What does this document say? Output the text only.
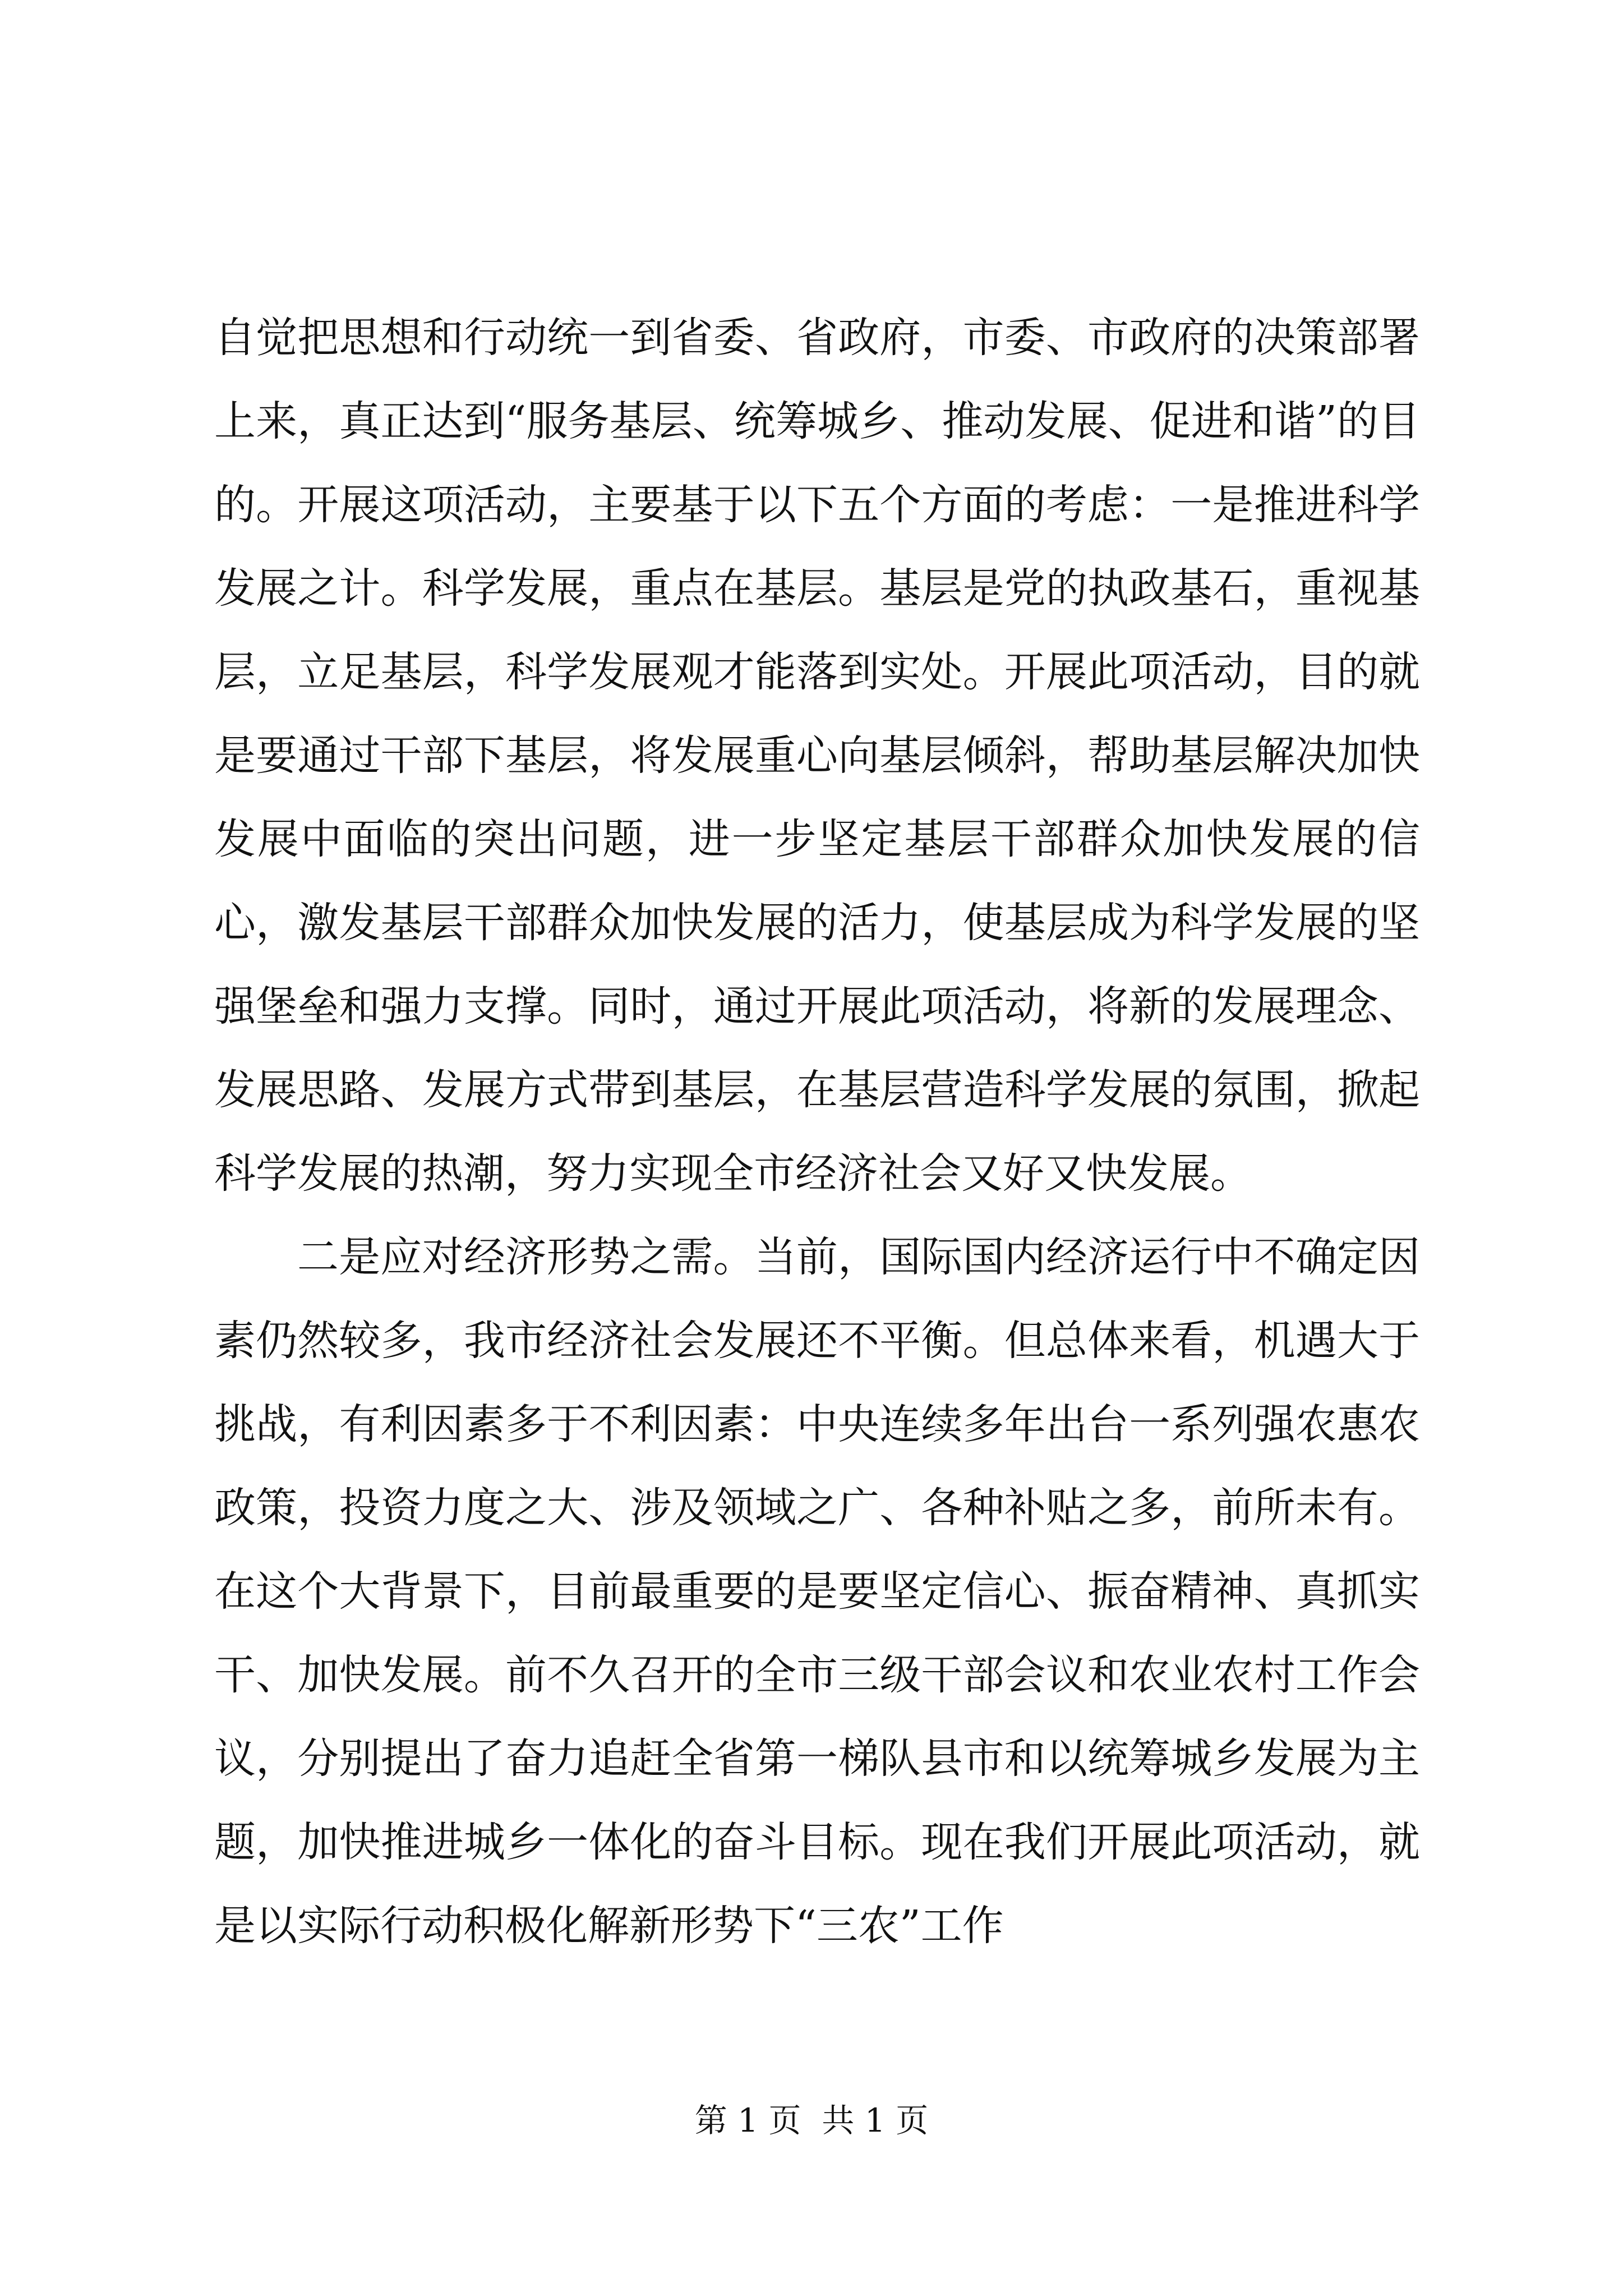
自觉把思想和行动统一到省委、省政府，市委、市政府的决策部署上来，真正达到“服务基层、统筹城乡、推动发展、促进和谐”的目的。开展这项活动，主要基于以下五个方面的考虑：一是推进科学发展之计。科学发展，重点在基层。基层是党的执政基石，重视基层，立足基层，科学发展观才能落到实处。开展此项活动，目的就是要通过干部下基层，将发展重心向基层倾斜，帮助基层解决加快发展中面临的突出问题，进一步坚定基层干部群众加快发展的信心，激发基层干部群众加快发展的活力，使基层成为科学发展的坚强堡垒和强力支撑。同时，通过开展此项活动，将新的发展理念、发展思路、发展方式带到基层，在基层营造科学发展的氛围，掀起科学发展的热潮，努力实现全市经济社会又好又快发展。

二是应对经济形势之需。当前，国际国内经济运行中不确定因素仍然较多，我市经济社会发展还不平衡。但总体来看，机遇大于挑战，有利因素多于不利因素：中央连续多年出台一系列强农惠农政策，投资力度之大、涉及领域之广、各种补贴之多，前所未有。在这个大背景下，目前最重要的是要坚定信心、振奋精神、真抓实干、加快发展。前不久召开的全市三级干部会议和农业农村工作会议，分别提出了奋力追赶全省第一梯队县市和以统筹城乡发展为主题，加快推进城乡一体化的奋斗目标。现在我们开展此项活动，就是以实际行动积极化解新形势下“三农”工作

第 1 页  共 1 页
